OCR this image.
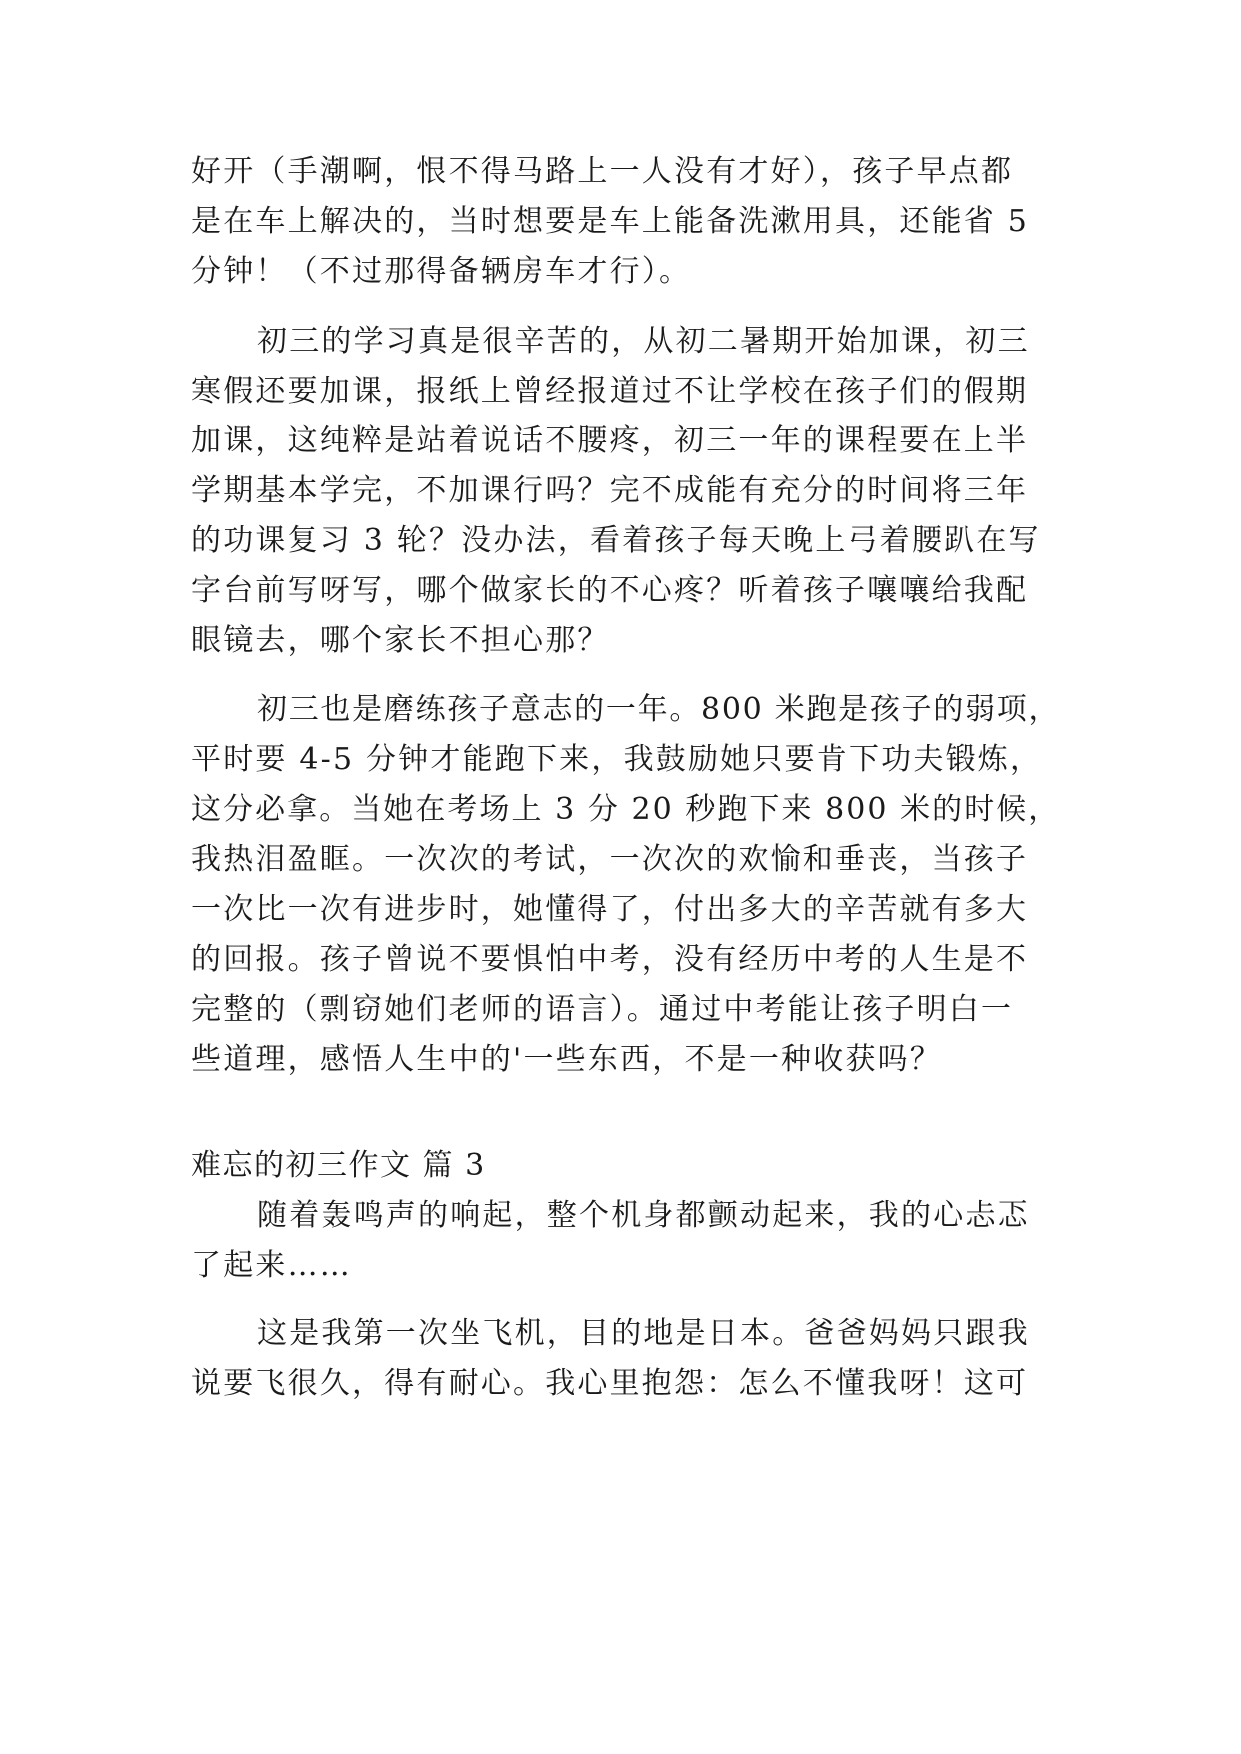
好开（手潮啊，恨不得马路上一人没有才好），孩子早点都

是在车上解决的，当时想要是车上能备洗漱用具，还能省 5

分钟！（不过那得备辆房车才行）。

初三的学习真是很辛苦的，从初二暑期开始加课，初三

寒假还要加课，报纸上曾经报道过不让学校在孩子们的假期

加课，这纯粹是站着说话不腰疼，初三一年的课程要在上半

学期基本学完，不加课行吗？完不成能有充分的时间将三年

的功课复习 3 轮？没办法，看着孩子每天晚上弓着腰趴在写

字台前写呀写，哪个做家长的不心疼？听着孩子嚷嚷给我配

眼镜去，哪个家长不担心那？

初三也是磨练孩子意志的一年。800 米跑是孩子的弱项，

平时要 4-5 分钟才能跑下来，我鼓励她只要肯下功夫锻炼，

这分必拿。当她在考场上 3 分 20 秒跑下来 800 米的时候，

我热泪盈眶。一次次的考试，一次次的欢愉和垂丧，当孩子

一次比一次有进步时，她懂得了，付出多大的辛苦就有多大

的回报。孩子曾说不要惧怕中考，没有经历中考的人生是不

完整的（剽窃她们老师的语言）。通过中考能让孩子明白一

些道理，感悟人生中的'一些东西，不是一种收获吗？

难忘的初三作文 篇 3

随着轰鸣声的响起，整个机身都颤动起来，我的心忐忑

了起来……

这是我第一次坐飞机，目的地是日本。爸爸妈妈只跟我

说要飞很久，得有耐心。我心里抱怨：怎么不懂我呀！这可
